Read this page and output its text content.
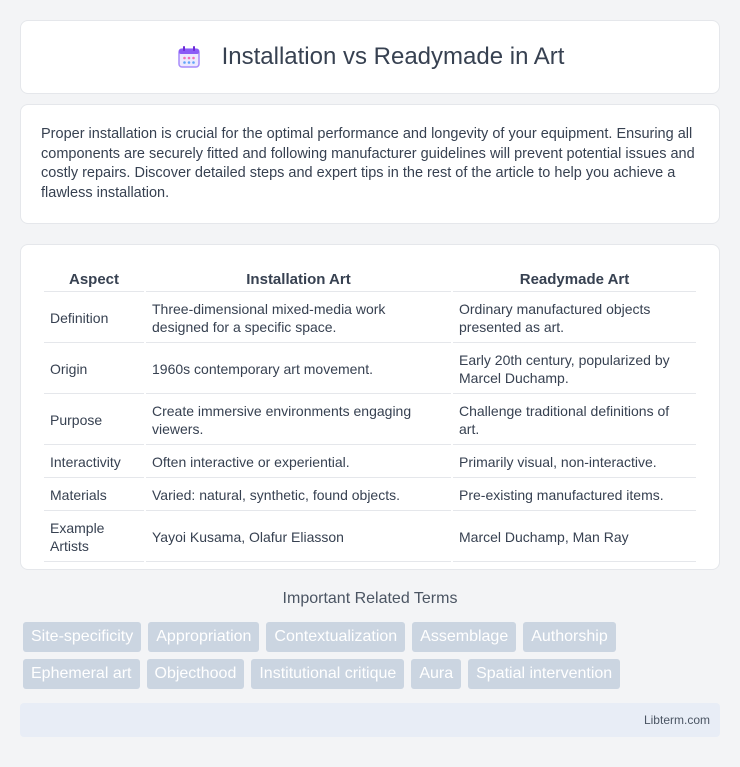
Installation vs Readymade in Art

Proper installation is crucial for the optimal performance and longevity of your equipment. Ensuring all components are securely fitted and following manufacturer guidelines will prevent potential issues and costly repairs. Discover detailed steps and expert tips in the rest of the article to help you achieve a flawless installation.

Aspect	Installation Art	Readymade Art
Definition	Three-dimensional mixed-media work designed for a specific space.	Ordinary manufactured objects presented as art.
Origin	1960s contemporary art movement.	Early 20th century, popularized by Marcel Duchamp.
Purpose	Create immersive environments engaging viewers.	Challenge traditional definitions of art.
Interactivity	Often interactive or experiential.	Primarily visual, non-interactive.
Materials	Varied: natural, synthetic, found objects.	Pre-existing manufactured items.
Example Artists	Yayoi Kusama, Olafur Eliasson	Marcel Duchamp, Man Ray
Important Related Terms
Site-specificity	Appropriation	Contextualization	Assemblage	Authorship
Ephemeral art	Objecthood	Institutional critique	Aura	Spatial intervention
Libterm.com
